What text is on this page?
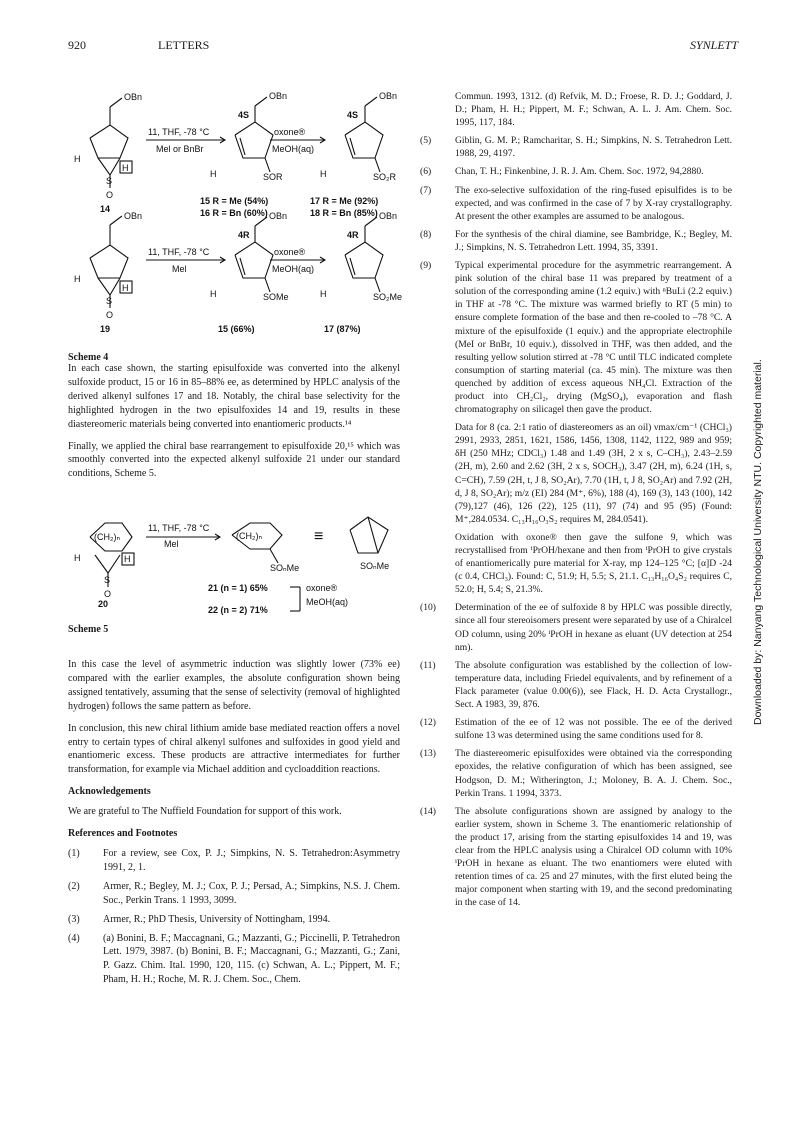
920	LETTERS	SYNLETT
OBn	OBn	OBn
H
H
S
O
11, THF, -78 °C
Mel or BnBr
oxone®
MeOH(aq)
4S	4S
H	SOR	H	SO₂R
14
15 R = Me (54%)
16 R = Bn (60%)
17 R = Me (92%)
18 R = Bn (85%)
OBn	OBn	OBn
H
H
S
O
11, THF, -78 °C
Mel
oxone®
MeOH(aq)
4R	4R
H	SOMe	H	SO₂Me
19	15 (66%)	17 (87%)
Scheme 4
(CH₂)ₙ
H	H
S
O
11, THF, -78 °C
Mel
(CH₂)ₙ
SOₙMe
≡
SOₙMe
20
21 (n = 1) 65%
22 (n = 2) 71%
oxone®
MeOH(aq)
Scheme 5

In each case shown, the starting episulfoxide was converted into the alkenyl sulfoxide product, 15 or 16 in 85–88% ee, as determined by HPLC analysis of the derived alkenyl sulfones 17 and 18. Notably, the chiral base selectivity for the highlighted hydrogen in the two episulfoxides 14 and 19, results in these diastereomeric materials being converted into enantiomeric products.¹⁴

Finally, we applied the chiral base rearrangement to episulfoxide 20,¹⁵ which was smoothly converted into the expected alkenyl sulfoxide 21 under our standard conditions, Scheme 5.

In this case the level of asymmetric induction was slightly lower (73% ee) compared with the earlier examples, the absolute configuration shown being assigned tentatively, assuming that the sense of selectivity (removal of highlighted hydrogen) follows the same pattern as before.

In conclusion, this new chiral lithium amide base mediated reaction offers a novel entry to certain types of chiral alkenyl sulfones and sulfoxides in good yield and enantiomeric excess. These products are attractive intermediates for further transformation, for example via Michael addition and cycloaddition reactions.

Acknowledgements

We are grateful to The Nuffield Foundation for support of this work.

References and Footnotes
(1) For a review, see Cox, P. J.; Simpkins, N. S. Tetrahedron:Asymmetry 1991, 2, 1.
(2) Armer, R.; Begley, M. J.; Cox, P. J.; Persad, A.; Simpkins, N.S. J. Chem. Soc., Perkin Trans. 1 1993, 3099.
(3) Armer, R.; PhD Thesis, University of Nottingham, 1994.
(4) (a) Bonini, B. F.; Maccagnani, G.; Mazzanti, G.; Piccinelli, P. Tetrahedron Lett. 1979, 3987. (b) Bonini, B. F.; Maccagnani, G.; Mazzanti, G.; Zani, P. Gazz. Chim. Ital. 1990, 120, 115. (c) Schwan, A. L.; Pippert, M. F.; Pham, H. H.; Roche, M. R. J. Chem. Soc., Chem.
Commun. 1993, 1312. (d) Refvik, M. D.; Froese, R. D. J.; Goddard, J. D.; Pham, H. H.; Pippert, M. F.; Schwan, A. L. J. Am. Chem. Soc. 1995, 117, 184.
(5) Giblin, G. M. P.; Ramcharitar, S. H.; Simpkins, N. S. Tetrahedron Lett. 1988, 29, 4197.
(6) Chan, T. H.; Finkenbine, J. R. J. Am. Chem. Soc. 1972, 94,2880.
(7) The exo-selective sulfoxidation of the ring-fused episulfides is to be expected, and was confirmed in the case of 7 by X-ray crystallography. At present the other examples are assumed to be analogous.
(8) For the synthesis of the chiral diamine, see Bambridge, K.; Begley, M. J.; Simpkins, N. S. Tetrahedron Lett. 1994, 35, 3391.
(9) Typical experimental procedure for the asymmetric rearrangement. A pink solution of the chiral base 11 was prepared by treatment of a solution of the corresponding amine (1.2 equiv.) with ⁿBuLi (2.2 equiv.) in THF at -78 °C. The mixture was warmed briefly to RT (5 min) to ensure complete formation of the base and then re-cooled to –78 °C. A mixture of the episulfoxide (1 equiv.) and the appropriate electrophile (MeI or BnBr, 10 equiv.), dissolved in THF, was then added, and the resulting yellow solution stirred at -78 °C until TLC indicated complete consumption of starting material (ca. 45 min). The mixture was then quenched by addition of excess aqueous NH₄Cl. Extraction of the product into CH₂Cl₂, drying (MgSO₄), evaporation and flash chromatography on silicagel then gave the product.
Data for 8 (ca. 2:1 ratio of diastereomers as an oil) νmax/cm⁻¹ (CHCl₃) 2991, 2933, 2851, 1621, 1586, 1456, 1308, 1142, 1122, 989 and 959; δH (250 MHz; CDCl₃) 1.48 and 1.49 (3H, 2 x s, C–CH₃), 2.43–2.59 (2H, m), 2.60 and 2.62 (3H, 2 x s, SOCH₃), 3.47 (2H, m), 6.24 (1H, s, C=CH), 7.59 (2H, t, J 8, SO₂Ar), 7.70 (1H, t, J 8, SO₂Ar) and 7.92 (2H, d, J 8, SO₂Ar); m/z (EI) 284 (M⁺, 6%), 188 (4), 169 (3), 143 (100), 142 (79),127 (46), 126 (22), 125 (11), 97 (74) and 95 (95) (Found: M⁺,284.0534. C₁₃H₁₆O₃S₂ requires M, 284.0541).
Oxidation with oxone® then gave the sulfone 9, which was recrystallised from ⁱPrOH/hexane and then from ⁱPrOH to give crystals of enantiomerically pure material for X-ray, mp 124–125 °C; [α]D -24 (c 0.4, CHCl₃). Found: C, 51.9; H, 5.5; S, 21.1. C₁₃H₁₆O₄S₂ requires C, 52.0; H, 5.4; S, 21.3%.
(10) Determination of the ee of sulfoxide 8 by HPLC was possible directly, since all four stereoisomers present were separated by use of a Chiralcel OD column, using 20% ⁱPrOH in hexane as eluant (UV detection at 254 nm).
(11) The absolute configuration was established by the collection of low-temperature data, including Friedel equivalents, and by refinement of a Flack parameter (value 0.00(6)), see Flack, H. D. Acta Crystallogr., Sect. A 1983, 39, 876.
(12) Estimation of the ee of 12 was not possible. The ee of the derived sulfone 13 was determined using the same conditions used for 8.
(13) The diastereomeric episulfoxides were obtained via the corresponding epoxides, the relative configuration of which has been assigned, see Hodgson, D. M.; Witherington, J.; Moloney, B. A. J. Chem. Soc., Perkin Trans. 1 1994, 3373.
(14) The absolute configurations shown are assigned by analogy to the earlier system, shown in Scheme 3. The enantiomeric relationship of the product 17, arising from the starting episulfoxides 14 and 19, was clear from the HPLC analysis using a Chiralcel OD column with 10% ⁱPrOH in hexane as eluant. The two enantiomers were eluted with retention times of ca. 25 and 27 minutes, with the first eluted being the major component when starting with 19, and the second predominating in the case of 14.
Downloaded by: Nanyang Technological University NTU. Copyrighted material.
